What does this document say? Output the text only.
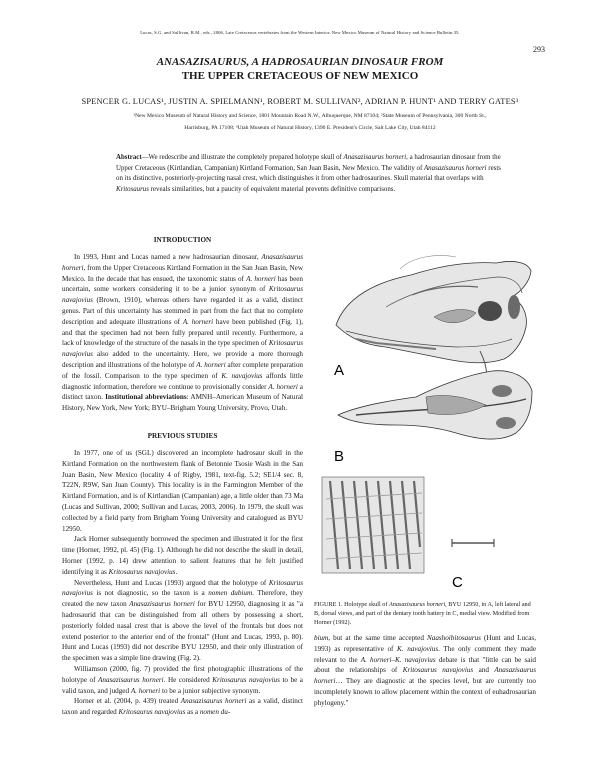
Lucas, S.G. and Sullivan, R.M., eds., 2006, Late Cretaceous vertebrates from the Western Interior. New Mexico Museum of Natural History and Science Bulletin 35.
293
ANASAZISAURUS, A HADROSAURIAN DINOSAUR FROM
THE UPPER CRETACEOUS OF NEW MEXICO
SPENCER G. LUCAS¹, JUSTIN A. SPIELMANN¹, ROBERT M. SULLIVAN², ADRIAN P. HUNT¹ AND TERRY GATES³
¹New Mexico Museum of Natural History and Science, 1801 Mountain Road N.W., Albuquerque, NM 87104; ²State Museum of Pennsylvania, 300 North St.,
Harrisburg, PA 17108; ³Utah Museum of Natural History, 1390 E. President's Circle, Salt Lake City, Utah 84112
Abstract—We redescribe and illustrate the completely prepared holotype skull of Anasazisaurus horneri, a hadrosaurian dinosaur from the Upper Cretaceous (Kirtlandian, Campanian) Kirtland Formation, San Juan Basin, New Mexico. The validity of Anasazisaurus horneri rests on its distinctive, posteriorly-projecting nasal crest, which distinguishes it from other hadrosaurines. Skull material that overlaps with Kritosaurus reveals similarities, but a paucity of equivalent material prevents definitive comparisons.
INTRODUCTION

In 1993, Hunt and Lucas named a new hadrosaurian dinosaur, Anasazisaurus horneri, from the Upper Cretaceous Kirtland Formation in the San Juan Basin, New Mexico. In the decade that has ensued, the taxonomic status of A. horneri has been uncertain, some workers considering it to be a junior synonym of Kritosaurus navajovius (Brown, 1910), whereas others have regarded it as a valid, distinct genus. Part of this uncertainty has stemmed in part from the fact that no complete description and adequate illustrations of A. horneri have been published (Fig. 1), and that the specimen had not been fully prepared until recently. Furthermore, a lack of knowledge of the structure of the nasals in the type specimen of Kritosaurus navajovius also added to the uncertainty. Here, we provide a more thorough description and illustrations of the holotype of A. horneri after complete preparation of the fossil. Comparison to the type specimen of K. navajovius affords little diagnostic information, therefore we continue to provisionally consider A. horneri a distinct taxon. Institutional abbreviations: AMNH–American Museum of Natural History, New York, New York; BYU–Brigham Young University, Provo, Utah.

PREVIOUS STUDIES

In 1977, one of us (SGL) discovered an incomplete hadrosaur skull in the Kirtland Formation on the northwestern flank of Betonnie Tsosie Wash in the San Juan Basin, New Mexico (locality 4 of Rigby, 1981, text-fig. 5.2; SE1/4 sec. 8, T22N, R9W, San Juan County). This locality is in the Farmington Member of the Kirtland Formation, and is of Kirtlandian (Campanian) age, a little older than 73 Ma (Lucas and Sullivan, 2000; Sullivan and Lucas, 2003, 2006). In 1979, the skull was collected by a field party from Brigham Young University and catalogued as BYU 12950.

Jack Horner subsequently borrowed the specimen and illustrated it for the first time (Horner, 1992, pl. 45) (Fig. 1). Although he did not describe the skull in detail, Horner (1992, p. 14) drew attention to salient features that he felt justified identifying it as Kritosaurus navajovius.

Nevertheless, Hunt and Lucas (1993) argued that the holotype of Kritosaurus navajovius is not diagnostic, so the taxon is a nomen dubium. Therefore, they created the new taxon Anasazisaurus horneri for BYU 12950, diagnosing it as "a hadrosaurid that can be distinguished from all others by possessing a short, posteriorly folded nasal crest that is above the level of the frontals but does not extend posterior to the anterior end of the frontal" (Hunt and Lucas, 1993, p. 80). Hunt and Lucas (1993) did not describe BYU 12950, and their only illustration of the specimen was a simple line drawing (Fig. 2).

Williamson (2000, fig. 7) provided the first photographic illustrations of the holotype of Anasazisaurus horneri. He considered Kritosaurus navajovius to be a valid taxon, and judged A. horneri to be a junior subjective synonym.

Horner et al. (2004, p. 439) treated Anasazisaurus horneri as a valid, distinct taxon and regarded Kritosaurus navajovius as a nomen du-

A
B
C
FIGURE 1. Holotype skull of Anasazisaurus horneri, BYU 12950, in A, left lateral and B, dorsal views, and part of the dentary tooth battery in C, medial view. Modified from Horner (1992).
bium, but at the same time accepted Naashoibitosaurus (Hunt and Lucas, 1993) as representative of K. navajovius. The only comment they made relevant to the A. horneri–K. navajovius debate is that "little can be said about the relationships of Kritosaurus navajovius and Anasazisaurus horneri… They are diagnostic at the species level, but are currently too incompletely known to allow placement within the context of euhadrosaurian phylogeny."
